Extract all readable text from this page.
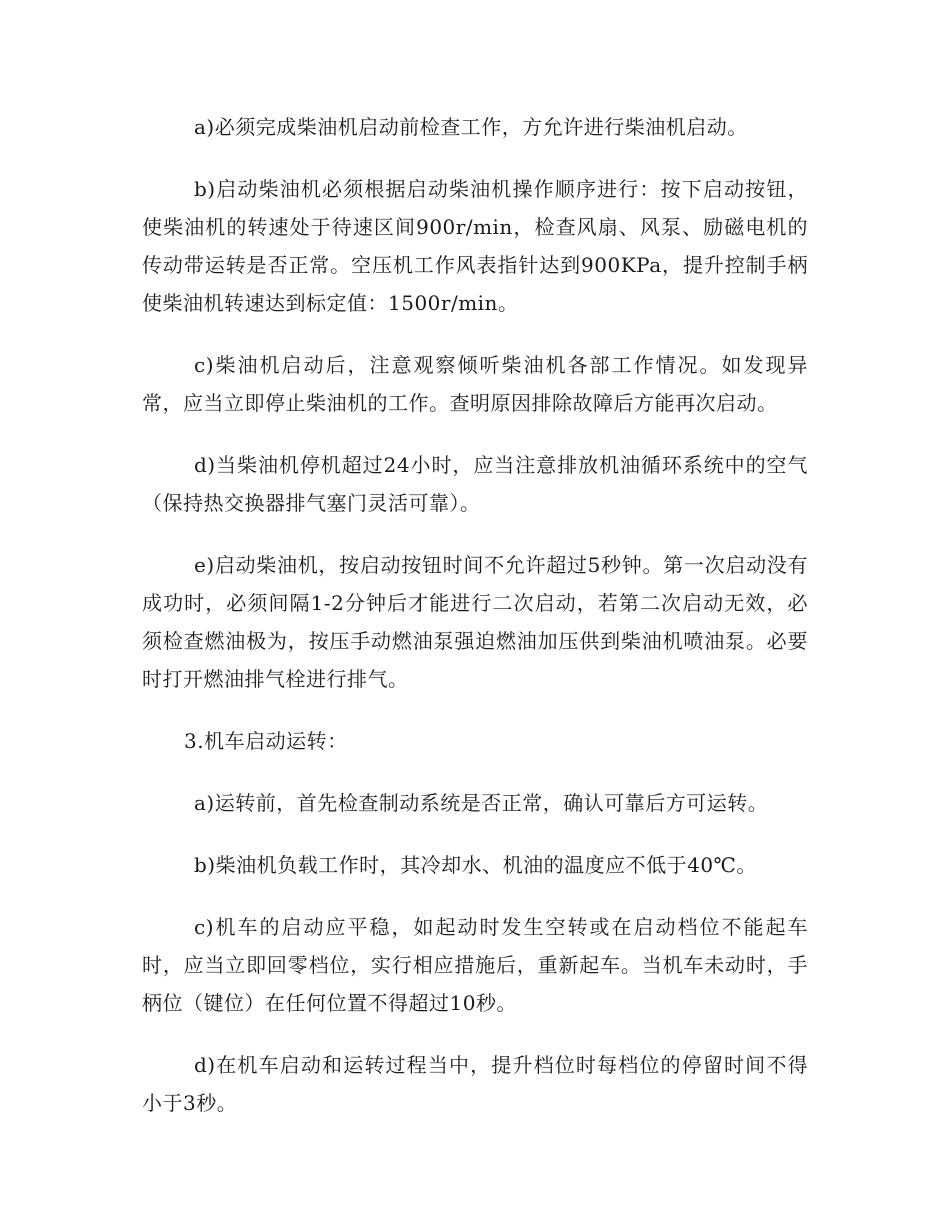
a)必须完成柴油机启动前检查工作，方允许进行柴油机启动。

b)启动柴油机必须根据启动柴油机操作顺序进行：按下启动按钮，使柴油机的转速处于待速区间900r/min，检查风扇、风泵、励磁电机的传动带运转是否正常。空压机工作风表指针达到900KPa，提升控制手柄使柴油机转速达到标定值：1500r/min。

c)柴油机启动后，注意观察倾听柴油机各部工作情况。如发现异常，应当立即停止柴油机的工作。查明原因排除故障后方能再次启动。

d)当柴油机停机超过24小时，应当注意排放机油循环系统中的空气（保持热交换器排气塞门灵活可靠）。

e)启动柴油机，按启动按钮时间不允许超过5秒钟。第一次启动没有成功时，必须间隔1-2分钟后才能进行二次启动，若第二次启动无效，必须检查燃油极为，按压手动燃油泵强迫燃油加压供到柴油机喷油泵。必要时打开燃油排气栓进行排气。

3.机车启动运转：

a)运转前，首先检查制动系统是否正常，确认可靠后方可运转。

b)柴油机负载工作时，其冷却水、机油的温度应不低于40℃。

c)机车的启动应平稳，如起动时发生空转或在启动档位不能起车时，应当立即回零档位，实行相应措施后，重新起车。当机车未动时，手柄位（键位）在任何位置不得超过10秒。

d)在机车启动和运转过程当中，提升档位时每档位的停留时间不得小于3秒。
